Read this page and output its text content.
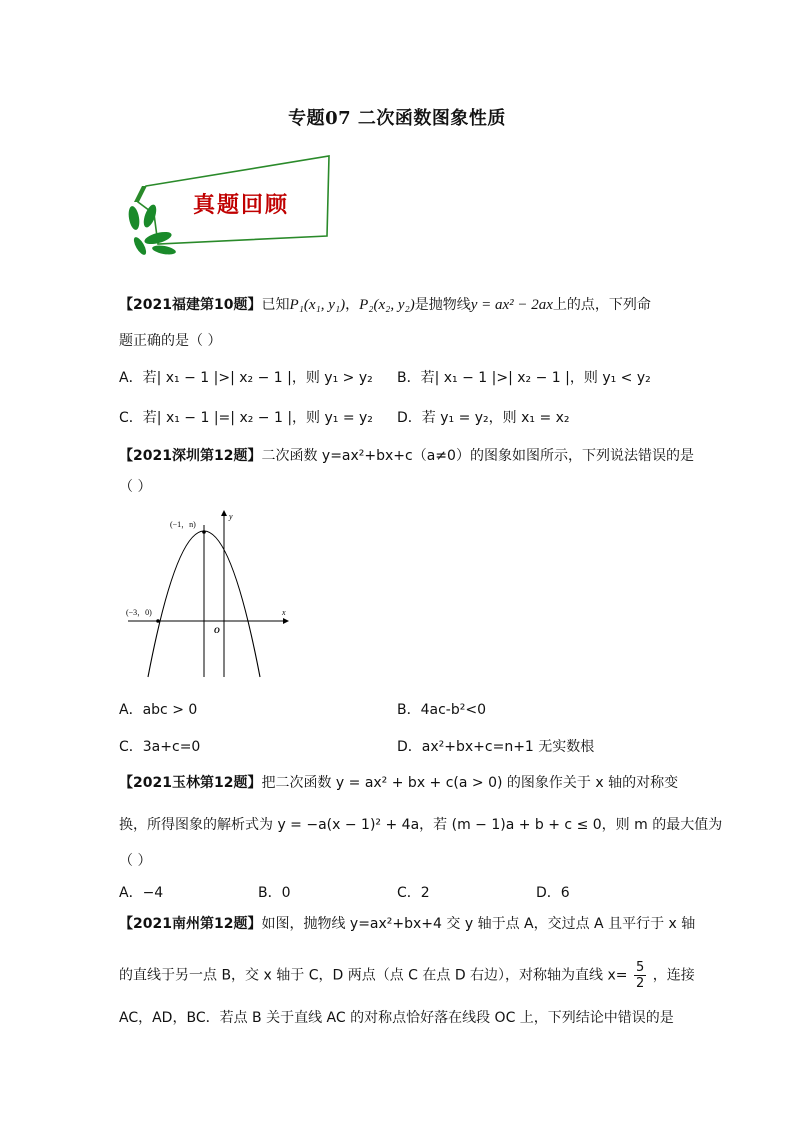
专题07 二次函数图象性质
真题回顾
【2021福建第10题】已知P₁(x₁, y₁)，P₂(x₂, y₂)是抛物线y = ax² − 2ax上的点，下列命
题正确的是（ ）
A．若| x₁ − 1 |>| x₂ − 1 |，则 y₁ > y₂ B．若| x₁ − 1 |>| x₂ − 1 |，则 y₁ < y₂
C．若| x₁ − 1 |=| x₂ − 1 |，则 y₁ = y₂ D．若 y₁ = y₂，则 x₁ = x₂
【2021深圳第12题】二次函数 y=ax²+bx+c（a≠0）的图象如图所示，下列说法错误的是
（ ）
(−1，n)
(−3，0)
O
x
y
A．abc > 0	B．4ac-b²<0
C．3a+c=0	D．ax²+bx+c=n+1 无实数根
【2021玉林第12题】把二次函数 y = ax² + bx + c(a > 0) 的图象作关于 x 轴的对称变
换，所得图象的解析式为 y = −a(x − 1)² + 4a，若 (m − 1)a + b + c ≤ 0，则 m 的最大值为
（ ）
A．−4	B．0	C．2	D．6
【2021南州第12题】如图，抛物线 y=ax²+bx+4 交 y 轴于点 A，交过点 A 且平行于 x 轴
的直线于另一点 B，交 x 轴于 C，D 两点（点 C 在点 D 右边），对称轴为直线 $x= \frac{5}{2}$ ，连接
AC，AD，BC．若点 B 关于直线 AC 的对称点恰好落在线段 OC 上，下列结论中错误的是
